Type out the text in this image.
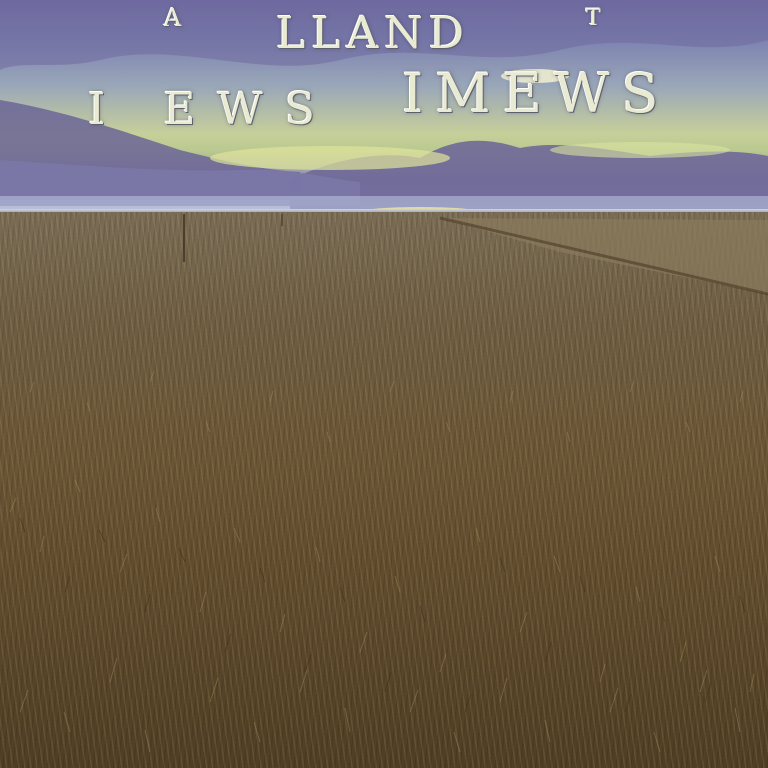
A	T
LLAND
I EWS IMEWS
